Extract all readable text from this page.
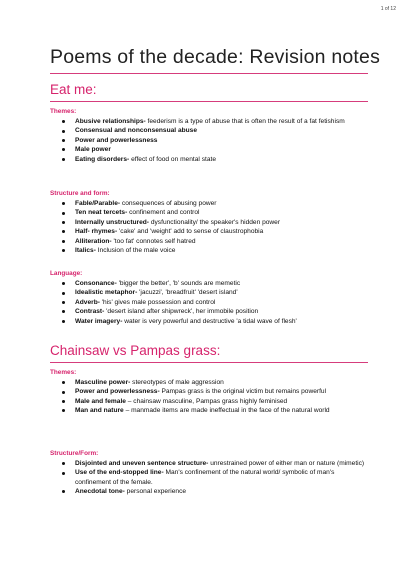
1 of 12
Poems of the decade: Revision notes
Eat me:
Themes:
Abusive relationships- feederism is a type of abuse that is often the result of a fat fetishism
Consensual and nonconsensual abuse
Power and powerlessness
Male power
Eating disorders- effect of food on mental state
Structure and form:
Fable/Parable- consequences of abusing power
Ten neat tercets- confinement and control
Internally unstructured- dysfunctionality/ the speaker's hidden power
Half- rhymes- 'cake' and 'weight' add to sense of claustrophobia
Alliteration- 'too fat' connotes self hatred
Italics- Inclusion of the male voice
Language:
Consonance- 'bigger the better', 'b' sounds are memetic
Idealistic metaphor- 'jacuzzi', 'breadfruit' 'desert island'
Adverb- 'his' gives male possession and control
Contrast- 'desert island after shipwreck', her immobile position
Water imagery- water is very powerful and destructive 'a tidal wave of flesh'
Chainsaw vs Pampas grass:
Themes:
Masculine power- stereotypes of male aggression
Power and powerlessness- Pampas grass is the original victim but remains powerful
Male and female – chainsaw masculine, Pampas grass highly feminised
Man and nature – manmade items are made ineffectual in the face of the natural world
Structure/Form:
Disjointed and uneven sentence structure- unrestrained power of either man or nature (mimetic)
Use of the end-stopped line- Man's confinement of the natural world/ symbolic of man's confinement of the female.
Anecdotal tone- personal experience
